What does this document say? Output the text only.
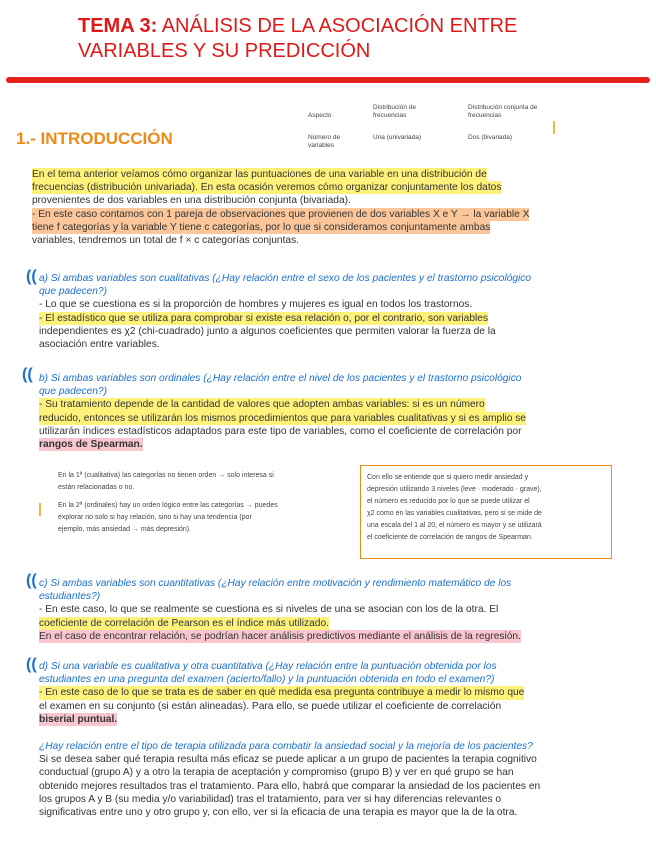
TEMA 3: ANÁLISIS DE LA ASOCIACIÓN ENTRE
VARIABLES Y SU PREDICCIÓN
Aspecto
Distribución de frecuencias
Distribución conjunta de frecuencias
Número de variables
Una (univariada)	Dos (bivariada)
|
1.- INTRODUCCIÓN
En el tema anterior veíamos cómo organizar las puntuaciones de una variable en una distribución de
frecuencias (distribución univariada). En esta ocasión veremos cómo organizar conjuntamente los datos
provenientes de dos variables en una distribución conjunta (bivariada).
- En este caso contamos con 1 pareja de observaciones que provienen de dos variables X e Y → la variable X
tiene f categorías y la variable Y tiene c categorías, por lo que si consideramos conjuntamente ambas
variables, tendremos un total de f × c categorías conjuntas.
(( a) Si ambas variables son cualitativas (¿Hay relación entre el sexo de los pacientes y el trastorno psicológico
que padecen?)
- Lo que se cuestiona es si la proporción de hombres y mujeres es igual en todos los trastornos.
- El estadístico que se utiliza para comprobar si existe esa relación o, por el contrario, son variables

independientes es χ2 (chi-cuadrado) junto a algunos coeficientes que permiten valorar la fuerza de la
asociación entre variables.
(( b) Si ambas variables son ordinales (¿Hay relación entre el nivel de los pacientes y el trastorno psicológico
que padecen?)
- Su tratamiento depende de la cantidad de valores que adopten ambas variables: si es un número
reducido, entonces se utilizarán los mismos procedimientos que para variables cualitativas y si es amplio se

utilizarán índices estadísticos adaptados para este tipo de variables, como el coeficiente de correlación por
rangos de Spearman.
En la 1ª (cualitativa) las categorías no tienen orden → solo interesa si
están relacionadas o no.
En la 2ª (ordinales) hay un orden lógico entre las categorías → puedes
explorar no solo si hay relación, sino si hay una tendencia (por
ejemplo, más ansiedad → más depresión).
|
Con ello se entiende que si quiero medir ansiedad y
depresión utilizando 3 niveles (leve · moderado · grave),
el número es reducido por lo que se puede utilizar el
χ2 como en las variables cualitativas, pero si se mide de
una escala del 1 al 20, el número es mayor y se utilizará
el coeficiente de correlación de rangos de Spearman.
(( c) Si ambas variables son cuantitativas (¿Hay relación entre motivación y rendimiento matemático de los
estudiantes?)
- En este caso, lo que se realmente se cuestiona es si niveles de una se asocian con los de la otra. El
coeficiente de correlación de Pearson es el índice más utilizado.
En el caso de encontrar relación, se podrían hacer análisis predictivos mediante el análisis de la regresión.
(( d) Si una variable es cualitativa y otra cuantitativa (¿Hay relación entre la puntuación obtenida por los
estudiantes en una pregunta del examen (acierto/fallo) y la puntuación obtenida en todo el examen?)
- En este caso de lo que se trata es de saber en qué medida esa pregunta contribuye a medir lo mismo que

el examen en su conjunto (si están alineadas). Para ello, se puede utilizar el coeficiente de correlación
biserial puntual.
¿Hay relación entre el tipo de terapia utilizada para combatir la ansiedad social y la mejoría de los pacientes?
Si se desea saber qué terapia resulta más eficaz se puede aplicar a un grupo de pacientes la terapia cognitivo
conductual (grupo A) y a otro la terapia de aceptación y compromiso (grupo B) y ver en qué grupo se han
obtenido mejores resultados tras el tratamiento. Para ello, habrá que comparar la ansiedad de los pacientes en
los grupos A y B (su media y/o variabilidad) tras el tratamiento, para ver si hay diferencias relevantes o
significativas entre uno y otro grupo y, con ello, ver si la eficacia de una terapia es mayor que la de la otra.
